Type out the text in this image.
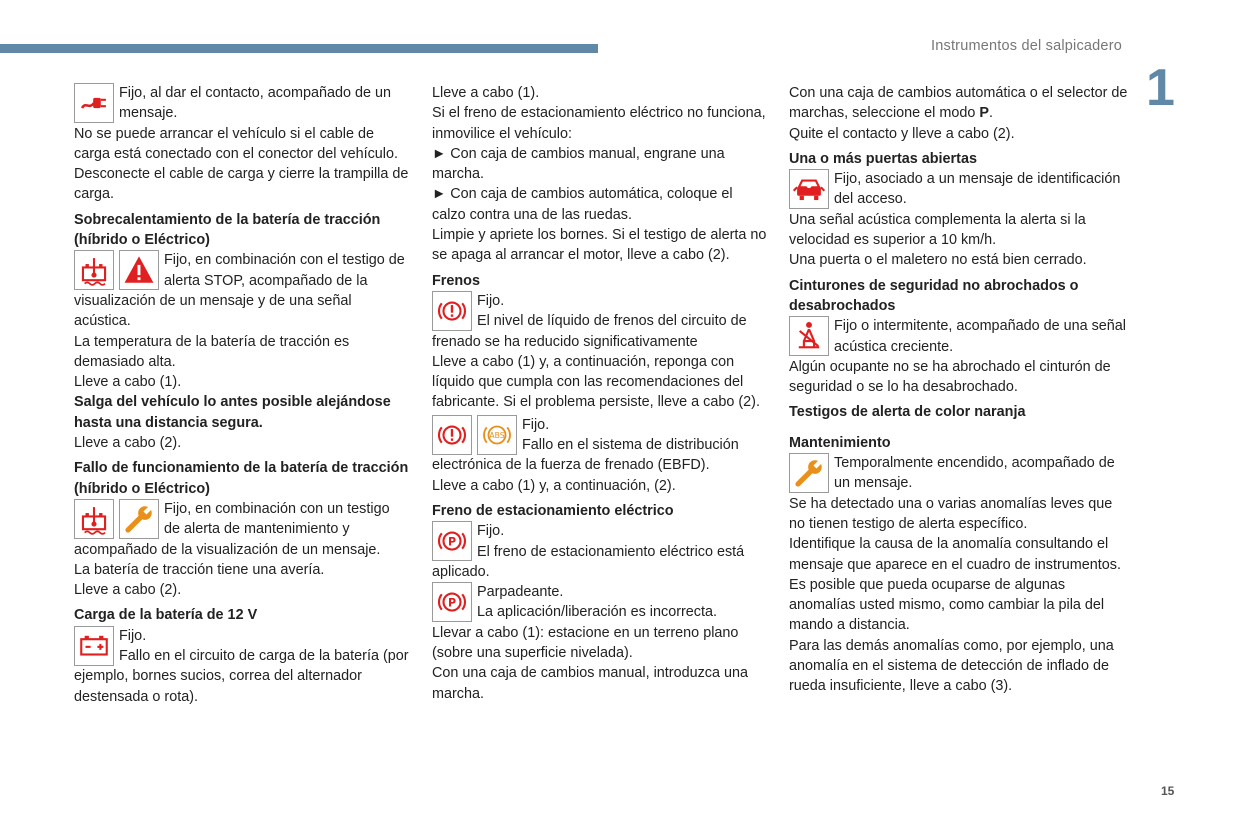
Instrumentos del salpicadero
1
15

Fijo, al dar el contacto, acompañado de un mensaje.

No se puede arrancar el vehículo si el cable de carga está conectado con el conector del vehículo.

Desconecte el cable de carga y cierre la trampilla de carga.

Sobrecalentamiento de la batería de tracción (híbrido o Eléctrico)

Fijo, en combinación con el testigo de alerta STOP, acompañado de la visualización de un mensaje y de una señal acústica.

La temperatura de la batería de tracción es demasiado alta.

Lleve a cabo (1).

Salga del vehículo lo antes posible alejándose hasta una distancia segura.

Lleve a cabo (2).

Fallo de funcionamiento de la batería de tracción (híbrido o Eléctrico)

Fijo, en combinación con un testigo de alerta de mantenimiento y acompañado de la visualización de un mensaje.

La batería de tracción tiene una avería.

Lleve a cabo (2).

Carga de la batería de 12 V

Fijo.
Fallo en el circuito de carga de la batería (por ejemplo, bornes sucios, correa del alternador destensada o rota).

Lleve a cabo (1).

Si el freno de estacionamiento eléctrico no funciona, inmovilice el vehículo:

► Con caja de cambios manual, engrane una marcha.

► Con caja de cambios automática, coloque el calzo contra una de las ruedas.

Limpie y apriete los bornes. Si el testigo de alerta no se apaga al arrancar el motor, lleve a cabo (2).

Frenos

Fijo.
El nivel de líquido de frenos del circuito de frenado se ha reducido significativamente

Lleve a cabo (1) y, a continuación, reponga con líquido que cumpla con las recomendaciones del fabricante. Si el problema persiste, lleve a cabo (2).

Fijo.
Fallo en el sistema de distribución electrónica de la fuerza de frenado (EBFD).

Lleve a cabo (1) y, a continuación, (2).

Freno de estacionamiento eléctrico

Fijo.
El freno de estacionamiento eléctrico está aplicado.

Parpadeante.
La aplicación/liberación es incorrecta.

Llevar a cabo (1): estacione en un terreno plano (sobre una superficie nivelada).

Con una caja de cambios manual, introduzca una marcha.

Con una caja de cambios automática o el selector de marchas, seleccione el modo P.

Quite el contacto y lleve a cabo (2).

Una o más puertas abiertas

Fijo, asociado a un mensaje de identificación del acceso.

Una señal acústica complementa la alerta si la velocidad es superior a 10 km/h.

Una puerta o el maletero no está bien cerrado.

Cinturones de seguridad no abrochados o desabrochados

Fijo o intermitente, acompañado de una señal acústica creciente.

Algún ocupante no se ha abrochado el cinturón de seguridad o se lo ha desabrochado.

Testigos de alerta de color naranja

Mantenimiento

Temporalmente encendido, acompañado de un mensaje.

Se ha detectado una o varias anomalías leves que no tienen testigo de alerta específico.

Identifique la causa de la anomalía consultando el mensaje que aparece en el cuadro de instrumentos.

Es posible que pueda ocuparse de algunas anomalías usted mismo, como cambiar la pila del mando a distancia.

Para las demás anomalías como, por ejemplo, una anomalía en el sistema de detección de inflado de rueda insuficiente, lleve a cabo (3).
